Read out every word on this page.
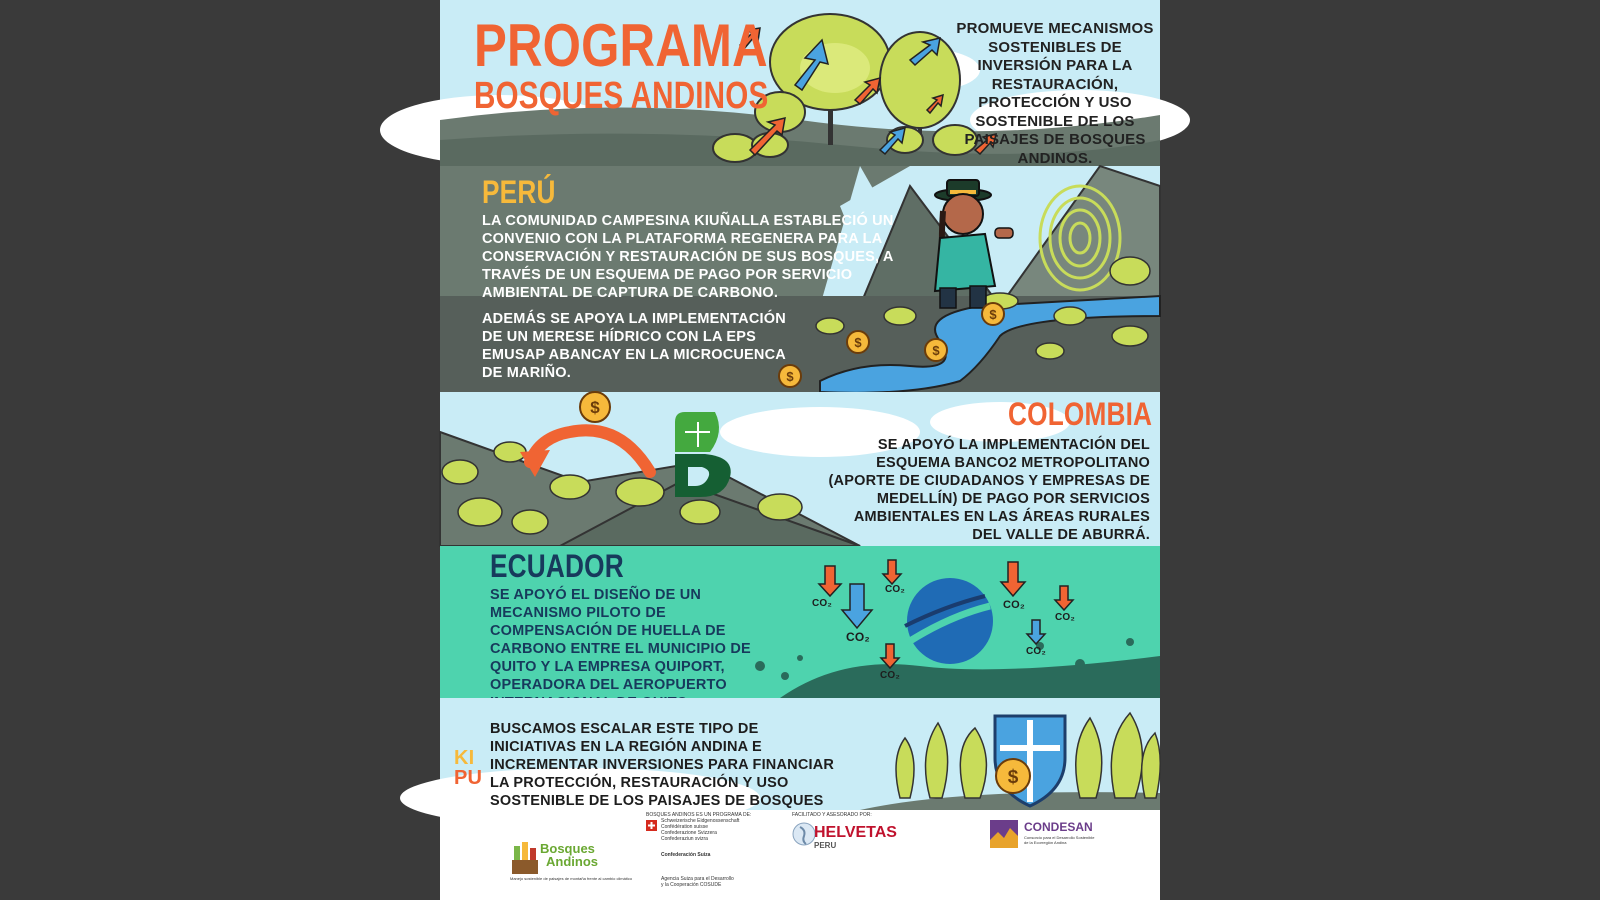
PROGRAMA
BOSQUES ANDINOS
PROMUEVE MECANISMOS SOSTENIBLES DE INVERSIÓN PARA LA RESTAURACIÓN, PROTECCIÓN Y USO SOSTENIBLE DE LOS PAISAJES DE BOSQUES ANDINOS.
$
$
$
$
PERÚ
LA COMUNIDAD CAMPESINA KIUÑALLA ESTABLECIÓ UN CONVENIO CON LA PLATAFORMA REGENERA PARA LA CONSERVACIÓN Y RESTAURACIÓN DE SUS BOSQUES, A TRAVÉS DE UN ESQUEMA DE PAGO POR SERVICIO AMBIENTAL DE CAPTURA DE CARBONO.
ADEMÁS SE APOYA LA IMPLEMENTACIÓN DE UN MERESE HÍDRICO CON LA EPS EMUSAP ABANCAY EN LA MICROCUENCA DE MARIÑO.
$	COLOMBIA
SE APOYÓ LA IMPLEMENTACIÓN DEL ESQUEMA BANCO2 METROPOLITANO (APORTE DE CIUDADANOS Y EMPRESAS DE MEDELLÍN) DE PAGO POR SERVICIOS AMBIENTALES EN LAS ÁREAS RURALES DEL VALLE DE ABURRÁ.
CO₂
CO₂
CO₂
CO₂
CO₂
CO₂
CO₂
ECUADOR
SE APOYÓ EL DISEÑO DE UN MECANISMO PILOTO DE COMPENSACIÓN DE HUELLA DE CARBONO ENTRE EL MUNICIPIO DE QUITO Y LA EMPRESA QUIPORT, OPERADORA DEL AEROPUERTO
$
KI
PU
BUSCAMOS ESCALAR ESTE TIPO DE INICIATIVAS EN LA REGIÓN ANDINA E INCREMENTAR INVERSIONES PARA FINANCIAR LA PROTECCIÓN, RESTAURACIÓN Y USO SOSTENIBLE DE LOS PAISAJES DE BOSQUES
Bosques
Andinos
Manejo sostenible de paisajes de montaña frente al cambio climático
BOSQUES ANDINOS ES UN PROGRAMA DE:
Schweizerische Eidgenossenschaft
Confédération suisse
Confederazione Svizzera
Confederaziun svizra
Confederación Suiza
Agencia Suiza para el Desarrollo
y la Cooperación COSUDE
FACILITADO Y ASESORADO POR:
HELVETAS
PERU
CONDESAN
Consorcio para el Desarrollo Sostenible
de la Ecorregión Andina
